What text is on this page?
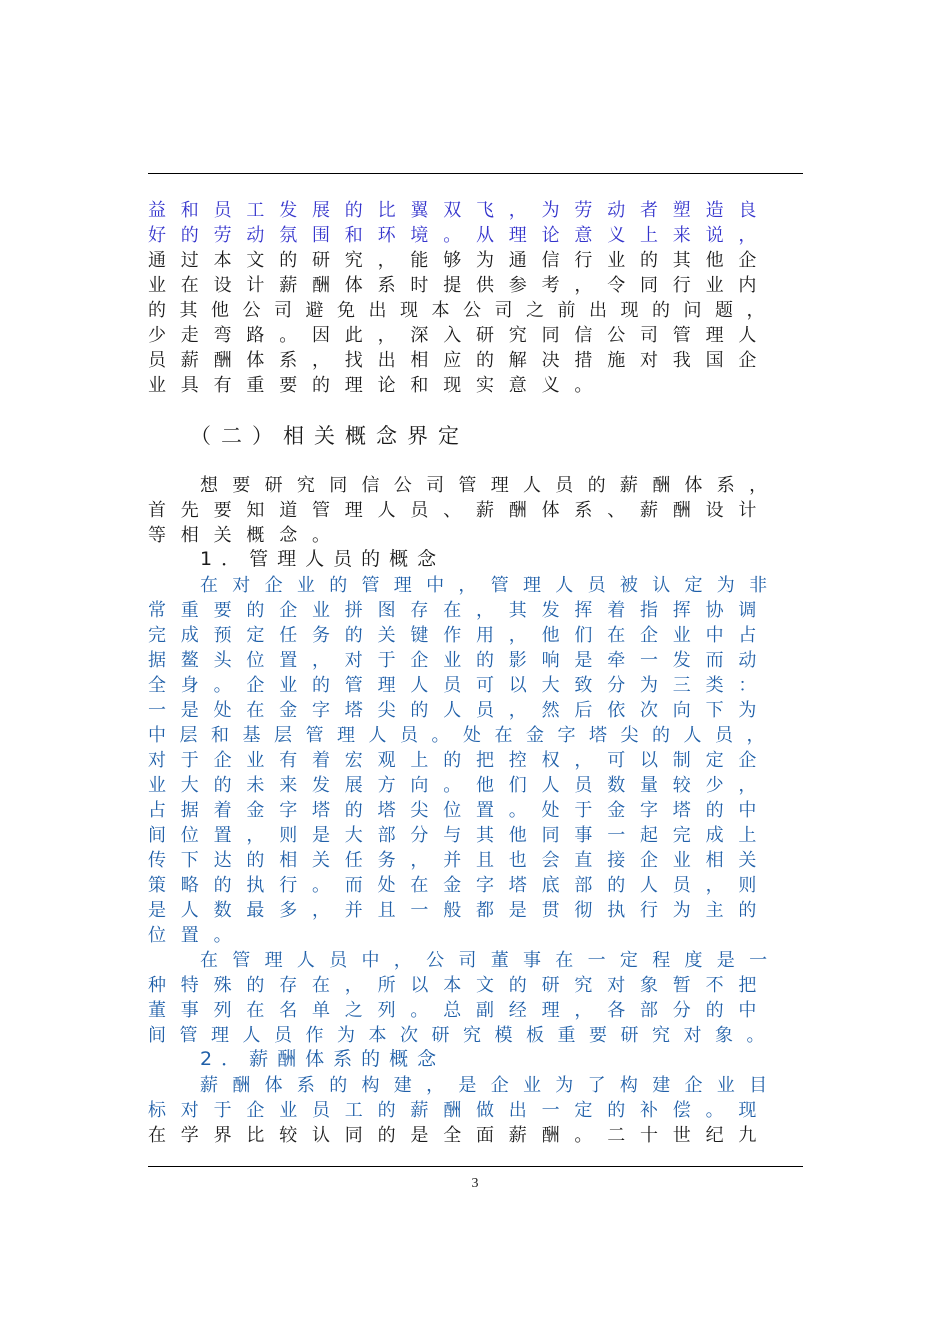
益和员工发展的比翼双飞，为劳动者塑造良
好的劳动氛围和环境。从理论意义上来说，
通过本文的研究，能够为通信行业的其他企
业在设计薪酬体系时提供参考，令同行业内
的其他公司避免出现本公司之前出现的问题，
少走弯路。因此，深入研究同信公司管理人
员薪酬体系，找出相应的解决措施对我国企
业具有重要的理论和现实意义。
（二）相关概念界定
想要研究同信公司管理人员的薪酬体系，
首先要知道管理人员、薪酬体系、薪酬设计
等相关概念。
1．管理人员的概念
在对企业的管理中，管理人员被认定为非
常重要的企业拼图存在，其发挥着指挥协调
完成预定任务的关键作用，他们在企业中占
据鳌头位置，对于企业的影响是牵一发而动
全身。企业的管理人员可以大致分为三类：
一是处在金字塔尖的人员，然后依次向下为
中层和基层管理人员。处在金字塔尖的人员，
对于企业有着宏观上的把控权，可以制定企
业大的未来发展方向。他们人员数量较少，
占据着金字塔的塔尖位置。处于金字塔的中
间位置，则是大部分与其他同事一起完成上
传下达的相关任务，并且也会直接企业相关
策略的执行。而处在金字塔底部的人员，则
是人数最多，并且一般都是贯彻执行为主的
位置。
在管理人员中，公司董事在一定程度是一
种特殊的存在，所以本文的研究对象暂不把
董事列在名单之列。总副经理，各部分的中
间管理人员作为本次研究模板重要研究对象。
2．薪酬体系的概念
薪酬体系的构建，是企业为了构建企业目
标对于企业员工的薪酬做出一定的补偿。现
在学界比较认同的是全面薪酬。二十世纪九
3
